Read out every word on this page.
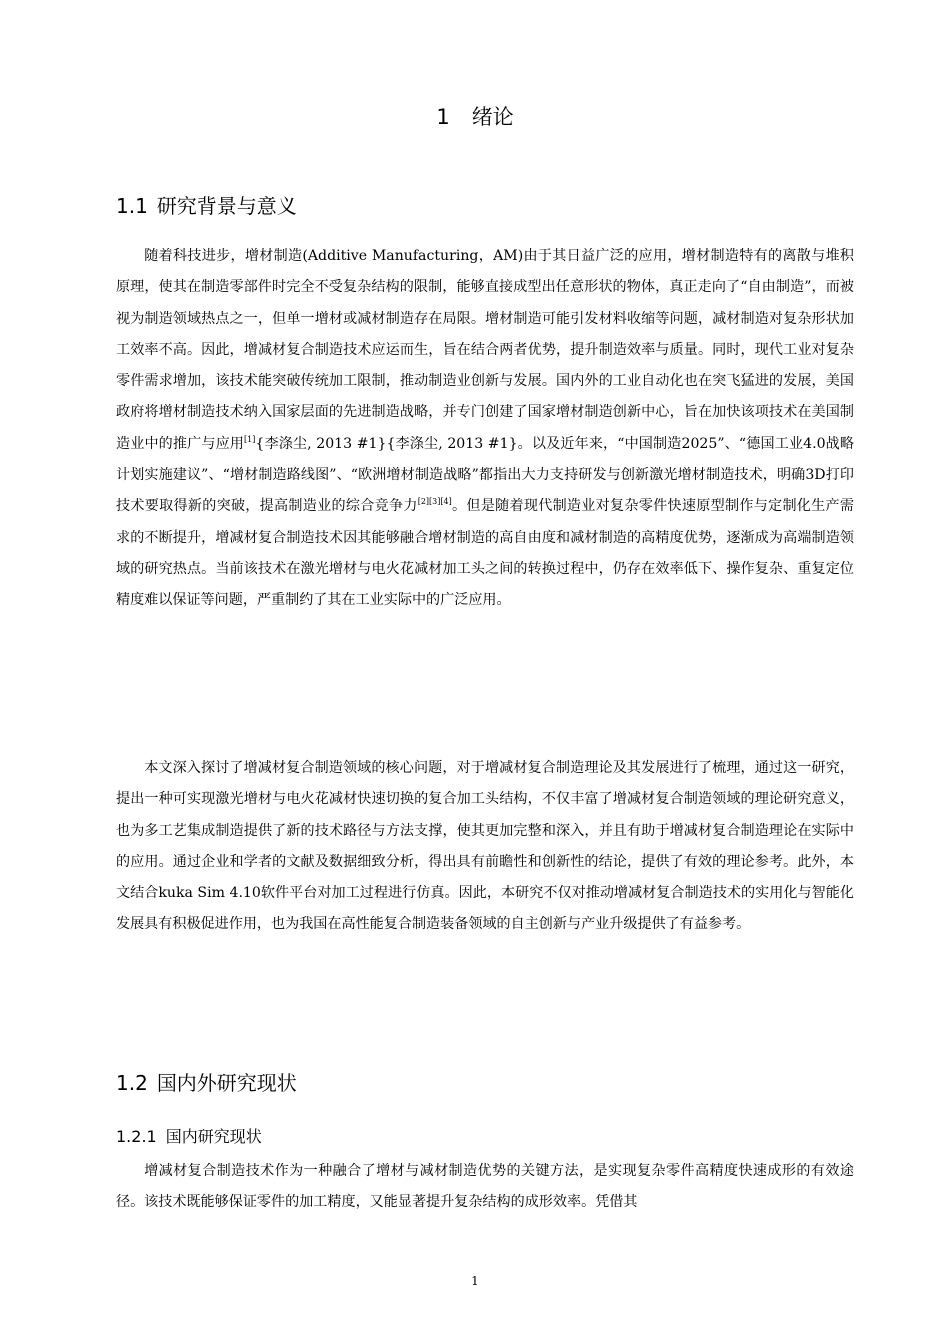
1 绪论
1.1 研究背景与意义

随着科技进步，增材制造(Additive Manufacturing，AM)由于其日益广泛的应用，增材制造特有的离散与堆积原理，使其在制造零部件时完全不受复杂结构的限制，能够直接成型出任意形状的物体，真正走向了“自由制造”，而被视为制造领域热点之一，但单一增材或减材制造存在局限。增材制造可能引发材料收缩等问题，减材制造对复杂形状加工效率不高。因此，增减材复合制造技术应运而生，旨在结合两者优势，提升制造效率与质量。同时，现代工业对复杂零件需求增加，该技术能突破传统加工限制，推动制造业创新与发展。国内外的工业自动化也在突飞猛进的发展，美国政府将增材制造技术纳入国家层面的先进制造战略，并专门创建了国家增材制造创新中心，旨在加快该项技术在美国制造业中的推广与应用[1]{李涤尘, 2013 #1}{李涤尘, 2013 #1}。以及近年来，“中国制造2025”、“德国工业4.0战略计划实施建议”、“增材制造路线图”、“欧洲增材制造战略”都指出大力支持研发与创新激光增材制造技术，明确3D打印技术要取得新的突破，提高制造业的综合竞争力[2][3][4]。但是随着现代制造业对复杂零件快速原型制作与定制化生产需求的不断提升，增减材复合制造技术因其能够融合增材制造的高自由度和减材制造的高精度优势，逐渐成为高端制造领域的研究热点。当前该技术在激光增材与电火花减材加工头之间的转换过程中，仍存在效率低下、操作复杂、重复定位精度难以保证等问题，严重制约了其在工业实际中的广泛应用。

本文深入探讨了增减材复合制造领域的核心问题，对于增减材复合制造理论及其发展进行了梳理，通过这一研究，提出一种可实现激光增材与电火花减材快速切换的复合加工头结构，不仅丰富了增减材复合制造领域的理论研究意义，也为多工艺集成制造提供了新的技术路径与方法支撑，使其更加完整和深入，并且有助于增减材复合制造理论在实际中的应用。通过企业和学者的文献及数据细致分析，得出具有前瞻性和创新性的结论，提供了有效的理论参考。此外，本文结合kuka Sim 4.10软件平台对加工过程进行仿真。因此，本研究不仅对推动增减材复合制造技术的实用化与智能化发展具有积极促进作用，也为我国在高性能复合制造装备领域的自主创新与产业升级提供了有益参考。

1.2 国内外研究现状
1.2.1 国内研究现状

增减材复合制造技术作为一种融合了增材与减材制造优势的关键方法，是实现复杂零件高精度快速成形的有效途径。该技术既能够保证零件的加工精度，又能显著提升复杂结构的成形效率。凭借其

1
